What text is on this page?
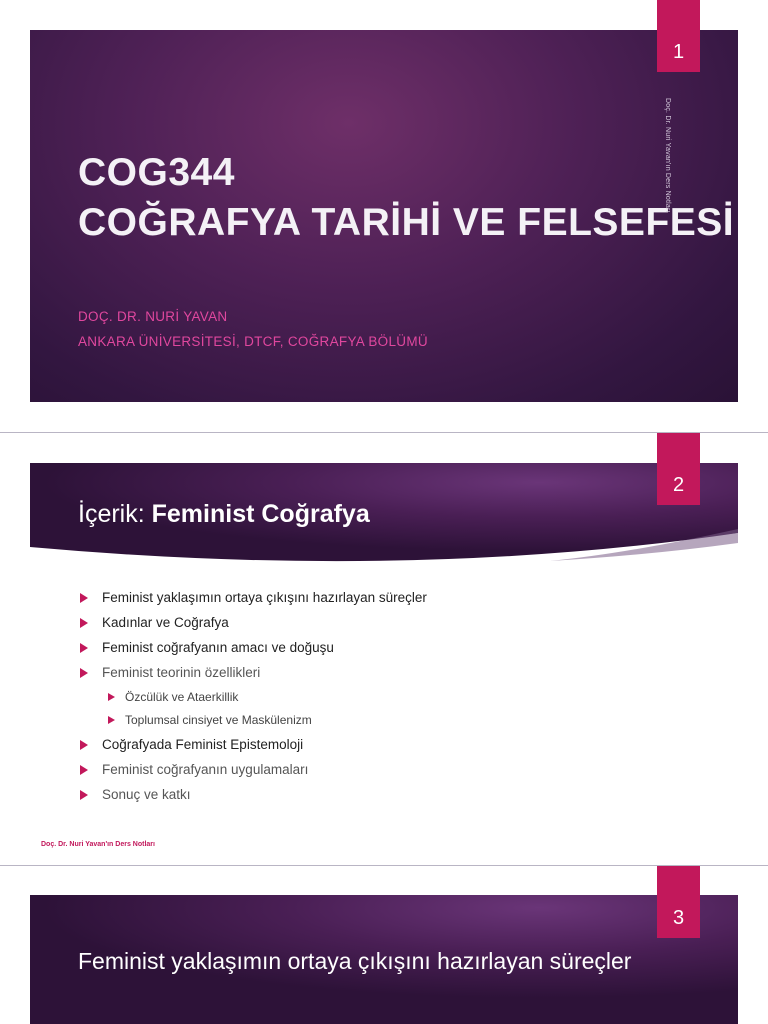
COG344
COĞRAFYA TARİHİ VE FELSEFESİ
DOÇ. DR. NURİ YAVAN
ANKARA ÜNİVERSİTESİ, DTCF, COĞRAFYA BÖLÜMÜ
Doç. Dr. Nuri Yavan'ın Ders Notları
1
2
İçerik: Feminist Coğrafya
Feminist yaklaşımın ortaya çıkışını hazırlayan süreçler
Kadınlar ve Coğrafya
Feminist coğrafyanın amacı ve doğuşu
Feminist teorinin özellikleri
Özcülük ve Ataerkillik
Toplumsal cinsiyet ve Maskülenizm
Coğrafyada Feminist Epistemoloji
Feminist coğrafyanın uygulamaları
Sonuç ve katkı
Doç. Dr. Nuri Yavan'ın Ders Notları
3
Feminist yaklaşımın ortaya çıkışını hazırlayan süreçler
